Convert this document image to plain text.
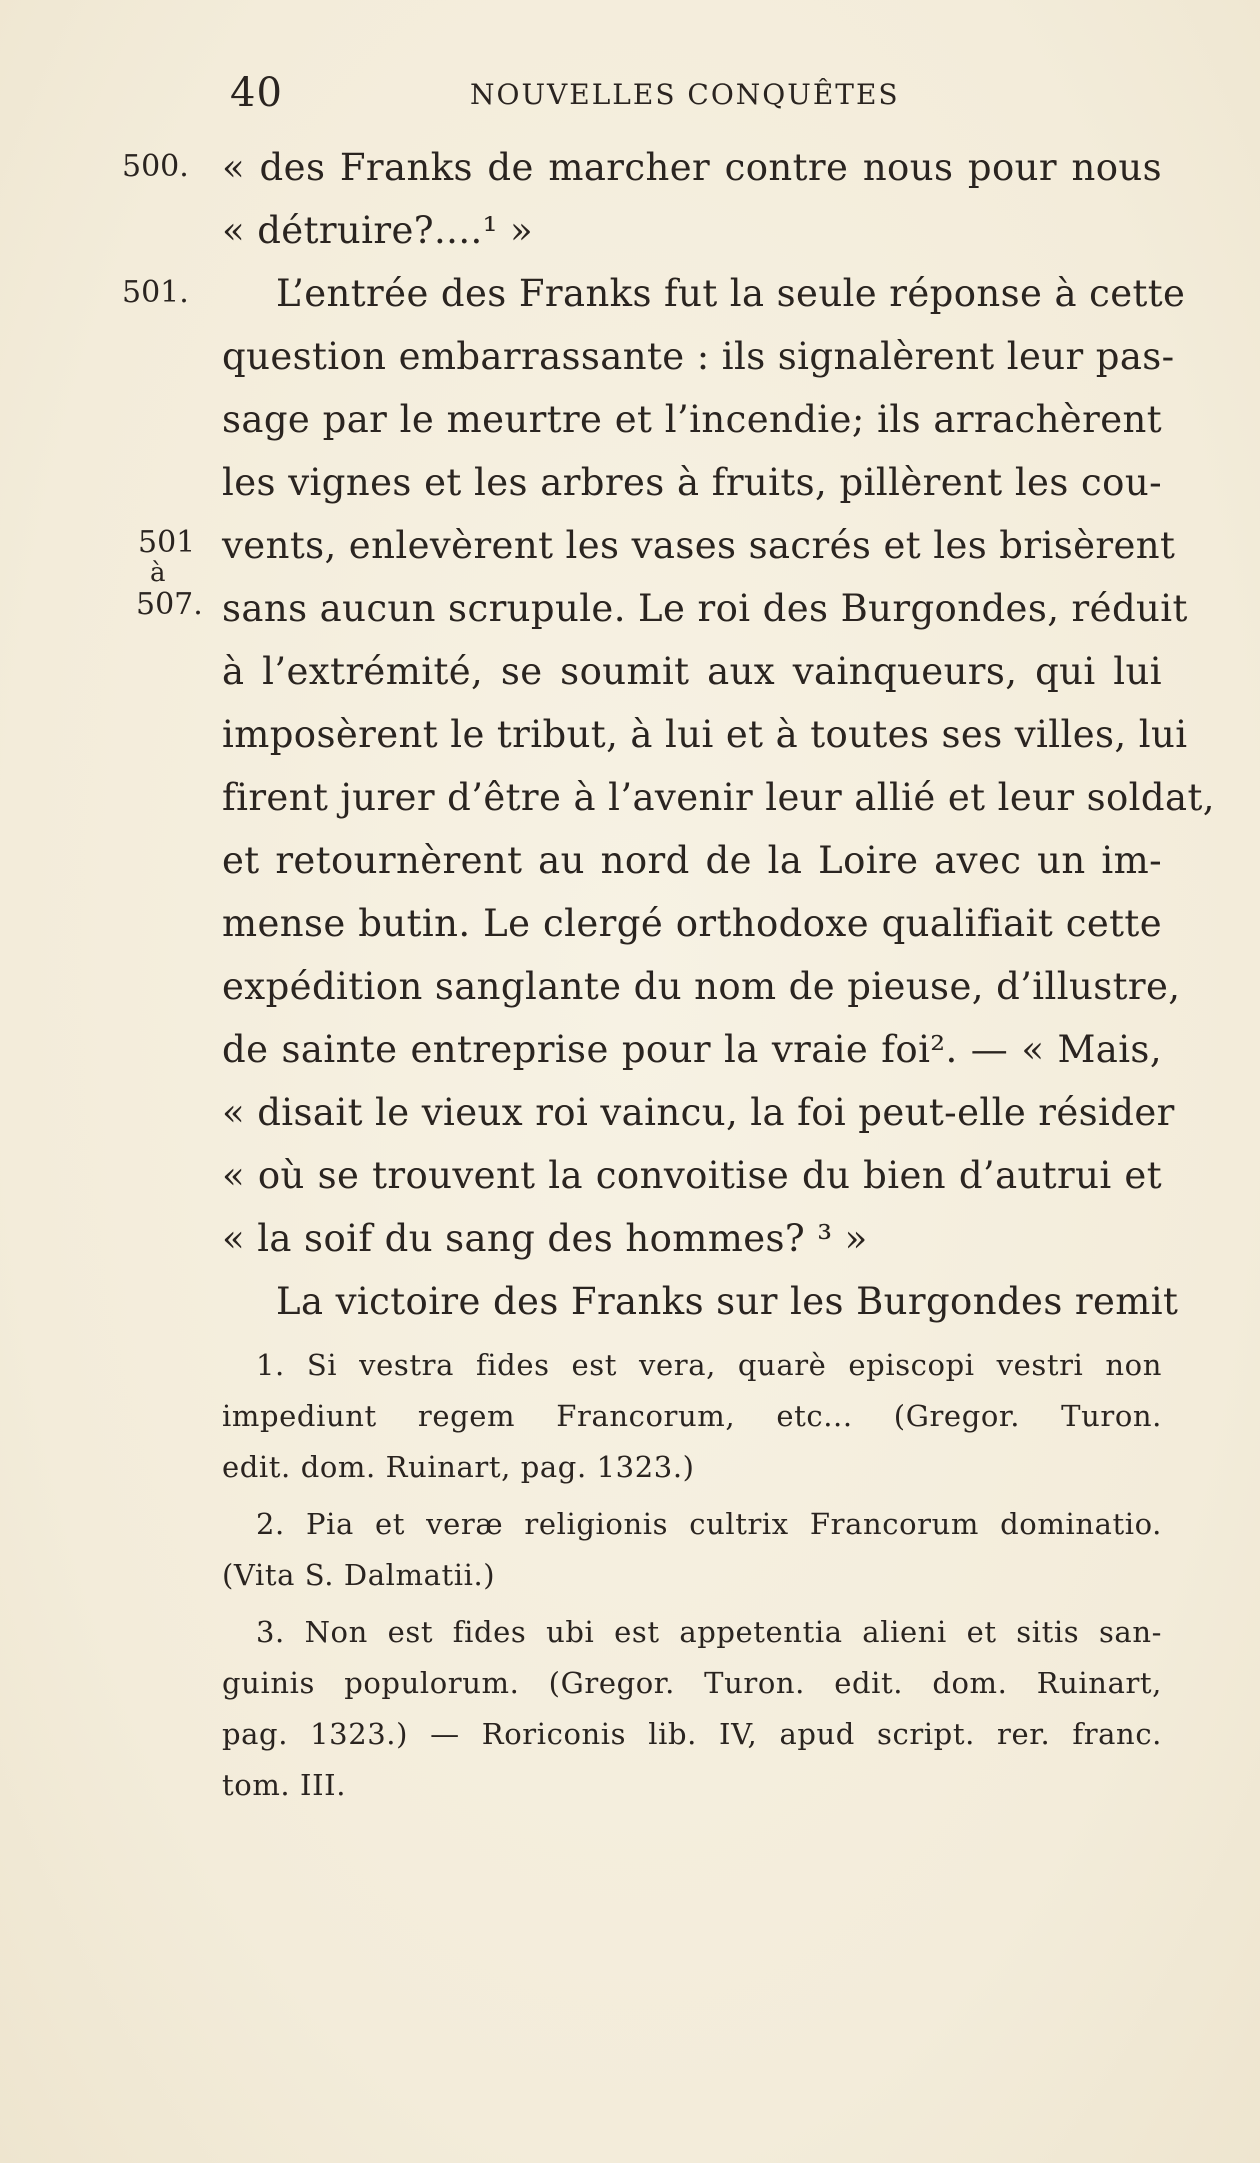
40	NOUVELLES CONQUÊTES
500.
501.
501
à
507.
« des Franks de marcher contre nous pour nous
« détruire?....¹ »
L’entrée des Franks fut la seule réponse à cette
question embarrassante : ils signalèrent leur pas-
sage par le meurtre et l’incendie; ils arrachèrent
les vignes et les arbres à fruits, pillèrent les cou-
vents, enlevèrent les vases sacrés et les brisèrent
sans aucun scrupule. Le roi des Burgondes, réduit
à l’extrémité, se soumit aux vainqueurs, qui lui
imposèrent le tribut, à lui et à toutes ses villes, lui
firent jurer d’être à l’avenir leur allié et leur soldat,
et retournèrent au nord de la Loire avec un im-
mense butin. Le clergé orthodoxe qualifiait cette
expédition sanglante du nom de pieuse, d’illustre,
de sainte entreprise pour la vraie foi². — « Mais,
« disait le vieux roi vaincu, la foi peut-elle résider
« où se trouvent la convoitise du bien d’autrui et
« la soif du sang des hommes? ³ »
La victoire des Franks sur les Burgondes remit
1. Si vestra fides est vera, quarè episcopi vestri non
impediunt regem Francorum, etc... (Gregor. Turon.
edit. dom. Ruinart, pag. 1323.)
2. Pia et veræ religionis cultrix Francorum dominatio.
(Vita S. Dalmatii.)
3. Non est fides ubi est appetentia alieni et sitis san-
guinis populorum. (Gregor. Turon. edit. dom. Ruinart,
pag. 1323.) — Roriconis lib. IV, apud script. rer. franc.
tom. III.
